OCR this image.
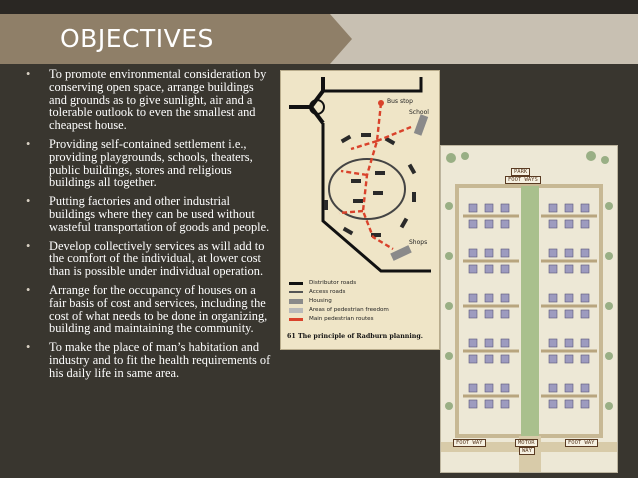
OBJECTIVES
• To promote environmental consideration by conserving open space, arrange buildings and grounds as to give sunlight, air and a tolerable outlook to even the smallest and cheapest house.
• Providing self-contained settlement i.e., providing playgrounds, schools, theaters, public buildings, stores and religious buildings all together.
• Putting factories and other industrial buildings where they can be used without wasteful transportation of goods and people.
• Develop collectively services as will add to the comfort of the individual, at lower cost than is possible under individual operation.
• Arrange for the occupancy of houses on a fair basis of cost and services, including the cost of what needs to be done in organizing, building and maintaining the community.
• To make the place of man’s habitation and industry and to fit the health requirements of his daily life in same area.
Bus stop
School
Shops
Distributor roads
Access roads
Housing
Areas of pedestrian freedom
Main pedestrian routes
61 The principle of Radburn planning.
PARK
FOOT WAYS
FOOT WAY	MOTOR
WAY
FOOT WAY
